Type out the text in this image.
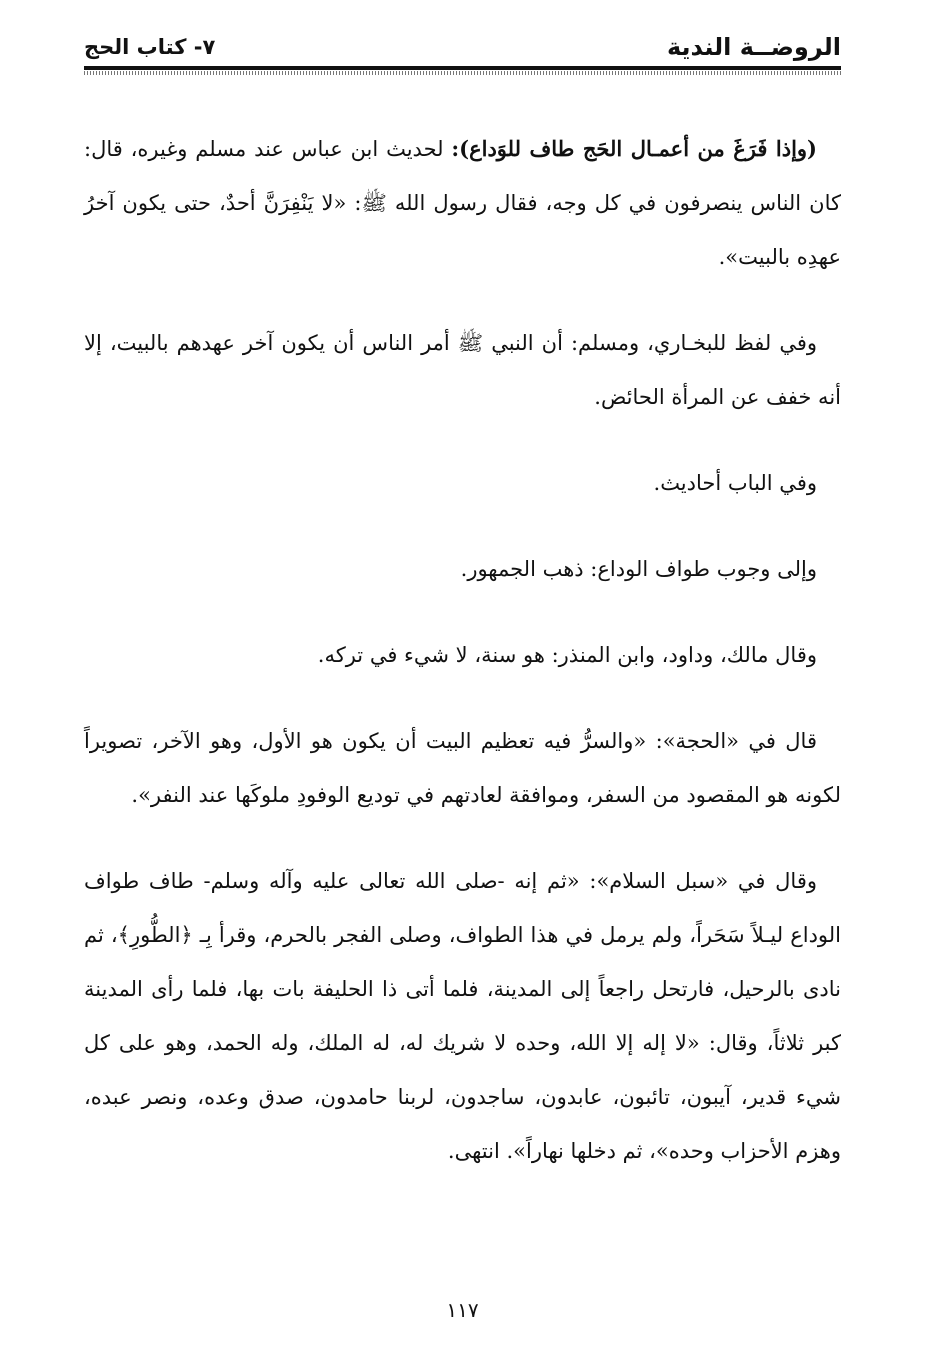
الروضــة الندية
٧- كتاب الحج

(وإذا فَرَغَ من أعمـال الحَج طاف للوَداع): لحديث ابن عباس عند مسلم وغيره، قال: كان الناس ينصرفون في كل وجه، فقال رسول الله ﷺ: «لا يَنْفِرَنَّ أحدٌ، حتى يكون آخرُ عهدِه بالبيت».

وفي لفظ للبخـاري، ومسلم: أن النبي ﷺ أمر الناس أن يكون آخر عهدهم بالبيت، إلا أنه خفف عن المرأة الحائض.

وفي الباب أحاديث.

وإلى وجوب طواف الوداع: ذهب الجمهور.

وقال مالك، وداود، وابن المنذر: هو سنة، لا شيء في تركه.

قال في «الحجة»: «والسرُّ فيه تعظيم البيت أن يكون هو الأول، وهو الآخر، تصويراً لكونه هو المقصود من السفر، وموافقة لعادتهم في توديع الوفودِ ملوكَها عند النفر».

وقال في «سبل السلام»: «ثم إنه -صلى الله تعالى عليه وآله وسلم- طاف طواف الوداع ليـلاً سَحَراً، ولم يرمل في هذا الطواف، وصلى الفجر بالحرم، وقرأ بِـ ﴿الطُّورِ﴾، ثم نادى بالرحيل، فارتحل راجعاً إلى المدينة، فلما أتى ذا الحليفة بات بها، فلما رأى المدينة كبر ثلاثاً، وقال: «لا إله إلا الله، وحده لا شريك له، له الملك، وله الحمد، وهو على كل شيء قدير، آيبون، تائبون، عابدون، ساجدون، لربنا حامدون، صدق وعده، ونصر عبده، وهزم الأحزاب وحده»، ثم دخلها نهاراً». انتهى.

١١٧
